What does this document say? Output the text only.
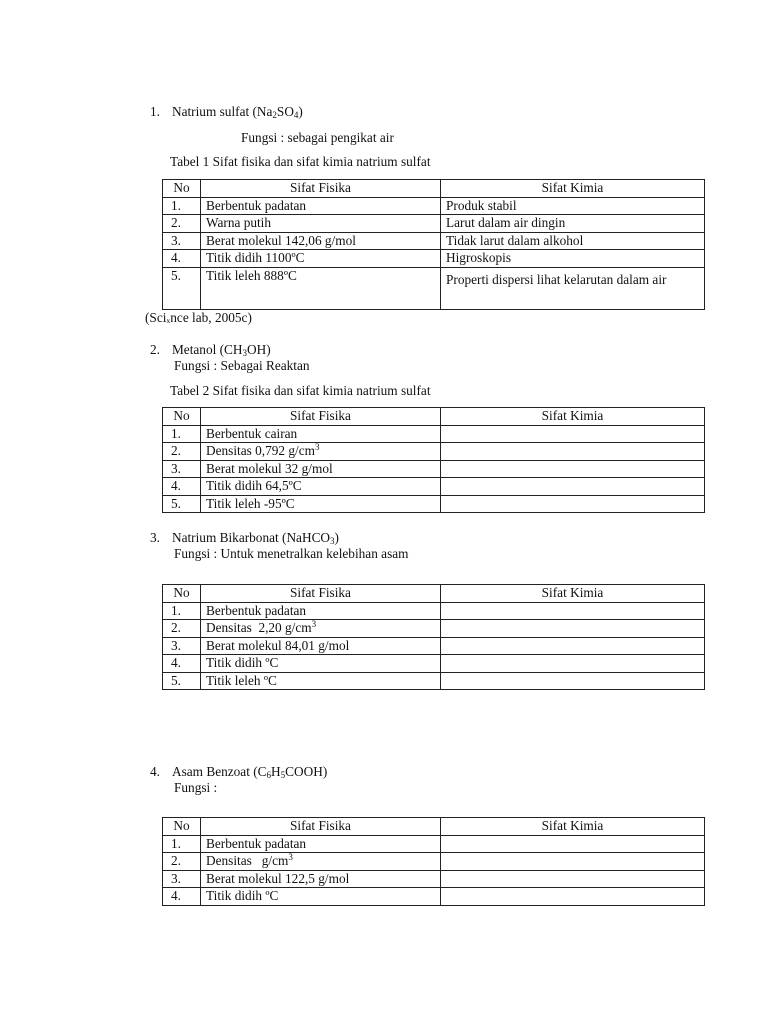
1. Natrium sulfat $(Na_2SO_4)$
Fungsi : sebagai pengikat air
Tabel 1 Sifat fisika dan sifat kimia natrium sulfat
No	Sifat Fisika	Sifat Kimia
1.	Berbentuk padatan	Produk stabil
2.	Warna putih	Larut dalam air dingin
3.	Berat molekul 142,06 g/mol	Tidak larut dalam alkohol
4.	Titik didih 1100ºC	Higroskopis
5.	Titik leleh 888ºC	Properti dispersi lihat kelarutan dalam air
(Sciₓnce lab, 2005c)
2. Metanol $(CH_3OH)$
Fungsi : Sebagai Reaktan
Tabel 2 Sifat fisika dan sifat kimia natrium sulfat
No	Sifat Fisika	Sifat Kimia
1.	Berbentuk cairan	
2.	Densitas 0,792 $g/cm^3$	
3.	Berat molekul 32 g/mol	
4.	Titik didih 64,5ºC	
5.	Titik leleh -95ºC	
3. Natrium Bikarbonat (NaHCO$_3$)
Fungsi : Untuk menetralkan kelebihan asam
No	Sifat Fisika	Sifat Kimia
1.	Berbentuk padatan	
2.	Densitas  2,20 $g/cm^3$	
3.	Berat molekul 84,01 g/mol	
4.	Titik didih ºC	
5.	Titik leleh ºC	
4. Asam Benzoat $(C_6H_5COOH)$
Fungsi :
No	Sifat Fisika	Sifat Kimia
1.	Berbentuk padatan	
2.	Densitas   $g/cm^3$	
3.	Berat molekul 122,5 g/mol	
4.	Titik didih ºC	
